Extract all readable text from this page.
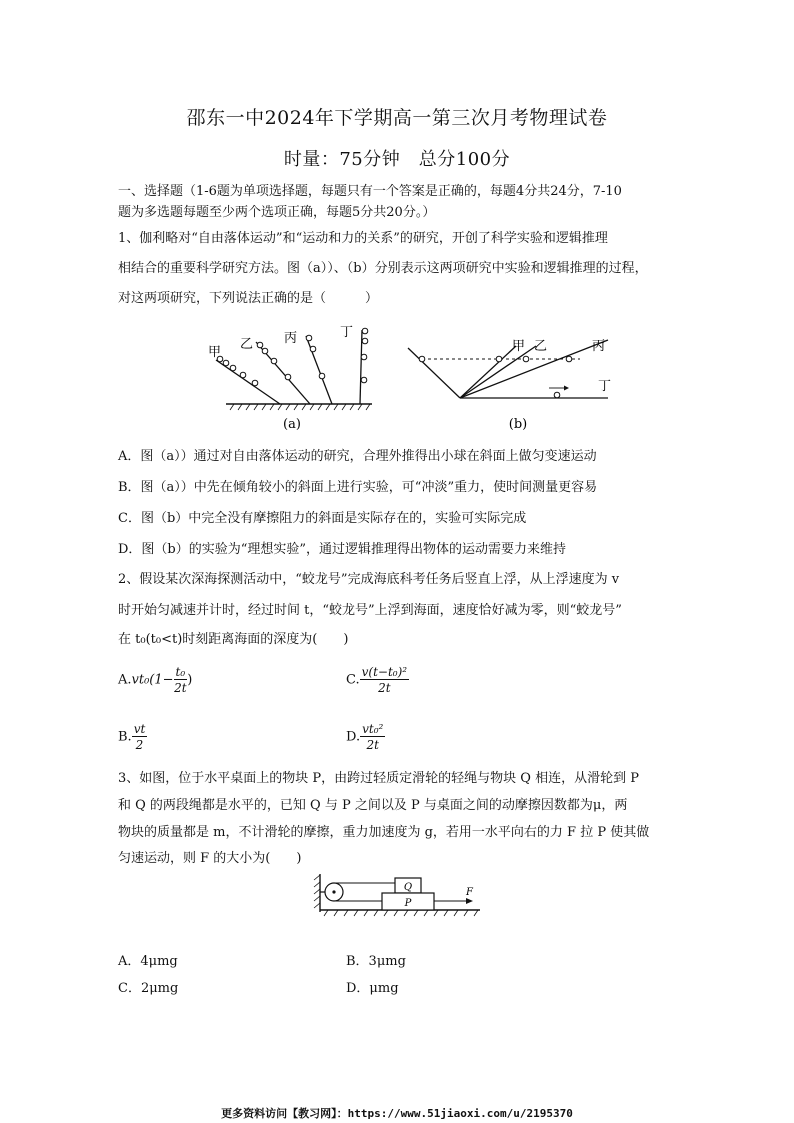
邵东一中2024年下学期高一第三次月考物理试卷
时量：75分钟　总分100分
一、选择题（1-6题为单项选择题，每题只有一个答案是正确的，每题4分共24分，7-10
题为多选题每题至少两个选项正确，每题5分共20分。）
1、伽利略对“自由落体运动”和“运动和力的关系”的研究，开创了科学实验和逻辑推理
相结合的重要科学研究方法。图（a））、（b）分别表示这两项研究中实验和逻辑推理的过程，
对这两项研究，下列说法正确的是（　　　）
甲
乙 丙	丁
(a)
甲 乙	丙
丁
(b)
A．图（a））通过对自由落体运动的研究，合理外推得出小球在斜面上做匀变速运动
B．图（a））中先在倾角较小的斜面上进行实验，可“冲淡”重力，使时间测量更容易
C．图（b）中完全没有摩擦阻力的斜面是实际存在的，实验可实际完成
D．图（b）的实验为“理想实验”，通过逻辑推理得出物体的运动需要力来维持
2、假设某次深海探测活动中，“蛟龙号”完成海底科考任务后竖直上浮，从上浮速度为 v
时开始匀减速并计时，经过时间 t，“蛟龙号”上浮到海面，速度恰好减为零，则“蛟龙号”
在 t₀(t₀<t)时刻距离海面的深度为(　　)
$A.vt_0(1- \frac{\text{t₀}}{2t}$ )	C. $\frac{\text{v(t−t₀)²}}{2t}$
B. $\frac{vt}{2}$	D. $\frac{\text{vt₀²}}{2t}$
3、如图，位于水平桌面上的物块 P，由跨过轻质定滑轮的轻绳与物块 Q 相连，从滑轮到 P
和 Q 的两段绳都是水平的，已知 Q 与 P 之间以及 P 与桌面之间的动摩擦因数都为μ，两
物块的质量都是 m，不计滑轮的摩擦，重力加速度为 g，若用一水平向右的力 F 拉 P 使其做
匀速运动，则 F 的大小为(　　)
Q
P
F
A．4μmg	B．3μmg
C．2μmg	D．μmg
更多资料访问【教习网】：https://www.51jiaoxi.com/u/2195370
